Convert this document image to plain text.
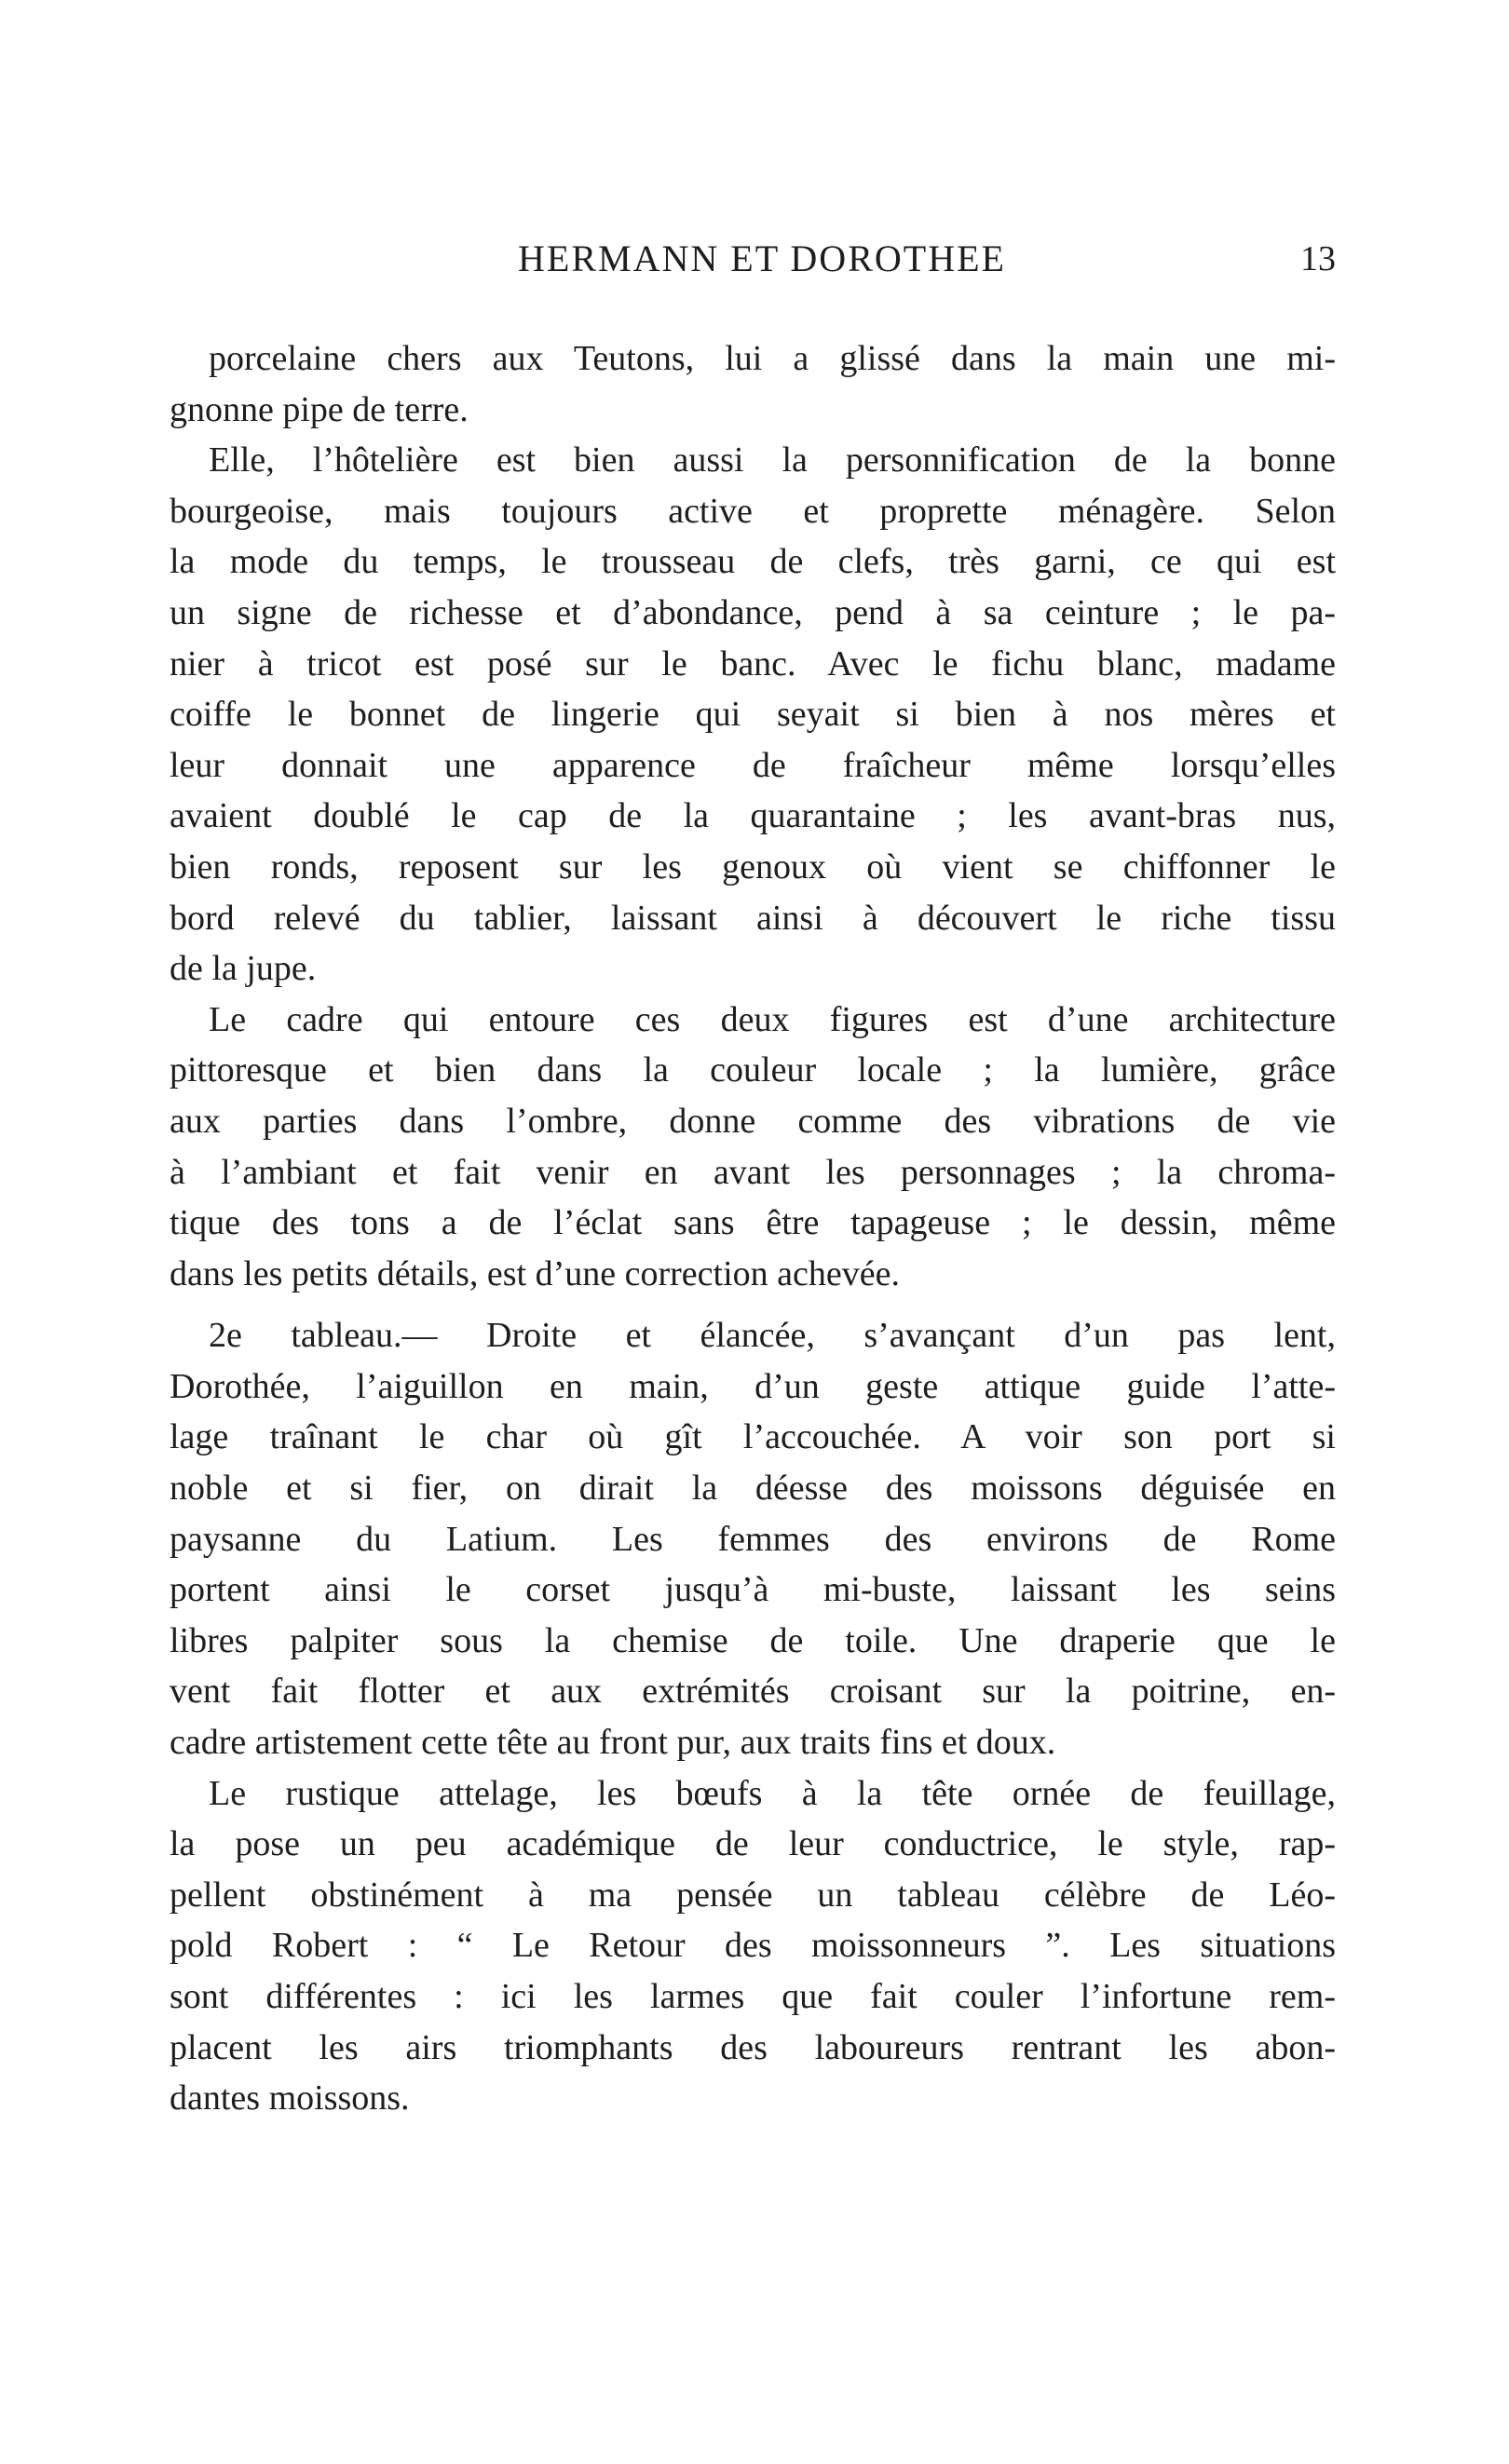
HERMANN ET DOROTHEE	13
porcelaine chers aux Teutons, lui a glissé dans la main une mi-
gnonne pipe de terre.
Elle, l’hôtelière est bien aussi la personnification de la bonne
bourgeoise, mais toujours active et proprette ménagère. Selon
la mode du temps, le trousseau de clefs, très garni, ce qui est
un signe de richesse et d’abondance, pend à sa ceinture ; le pa-
nier à tricot est posé sur le banc. Avec le fichu blanc, madame
coiffe le bonnet de lingerie qui seyait si bien à nos mères et
leur donnait une apparence de fraîcheur même lorsqu’elles
avaient doublé le cap de la quarantaine ; les avant-bras nus,
bien ronds, reposent sur les genoux où vient se chiffonner le
bord relevé du tablier, laissant ainsi à découvert le riche tissu
de la jupe.
Le cadre qui entoure ces deux figures est d’une architecture
pittoresque et bien dans la couleur locale ; la lumière, grâce
aux parties dans l’ombre, donne comme des vibrations de vie
à l’ambiant et fait venir en avant les personnages ; la chroma-
tique des tons a de l’éclat sans être tapageuse ; le dessin, même
dans les petits détails, est d’une correction achevée.
2e tableau.— Droite et élancée, s’avançant d’un pas lent,
Dorothée, l’aiguillon en main, d’un geste attique guide l’atte-
lage traînant le char où gît l’accouchée. A voir son port si
noble et si fier, on dirait la déesse des moissons déguisée en
paysanne du Latium. Les femmes des environs de Rome
portent ainsi le corset jusqu’à mi-buste, laissant les seins
libres palpiter sous la chemise de toile. Une draperie que le
vent fait flotter et aux extrémités croisant sur la poitrine, en-
cadre artistement cette tête au front pur, aux traits fins et doux.
Le rustique attelage, les bœufs à la tête ornée de feuillage,
la pose un peu académique de leur conductrice, le style, rap-
pellent obstinément à ma pensée un tableau célèbre de Léo-
pold Robert : “ Le Retour des moissonneurs ”. Les situations
sont différentes : ici les larmes que fait couler l’infortune rem-
placent les airs triomphants des laboureurs rentrant les abon-
dantes moissons.
